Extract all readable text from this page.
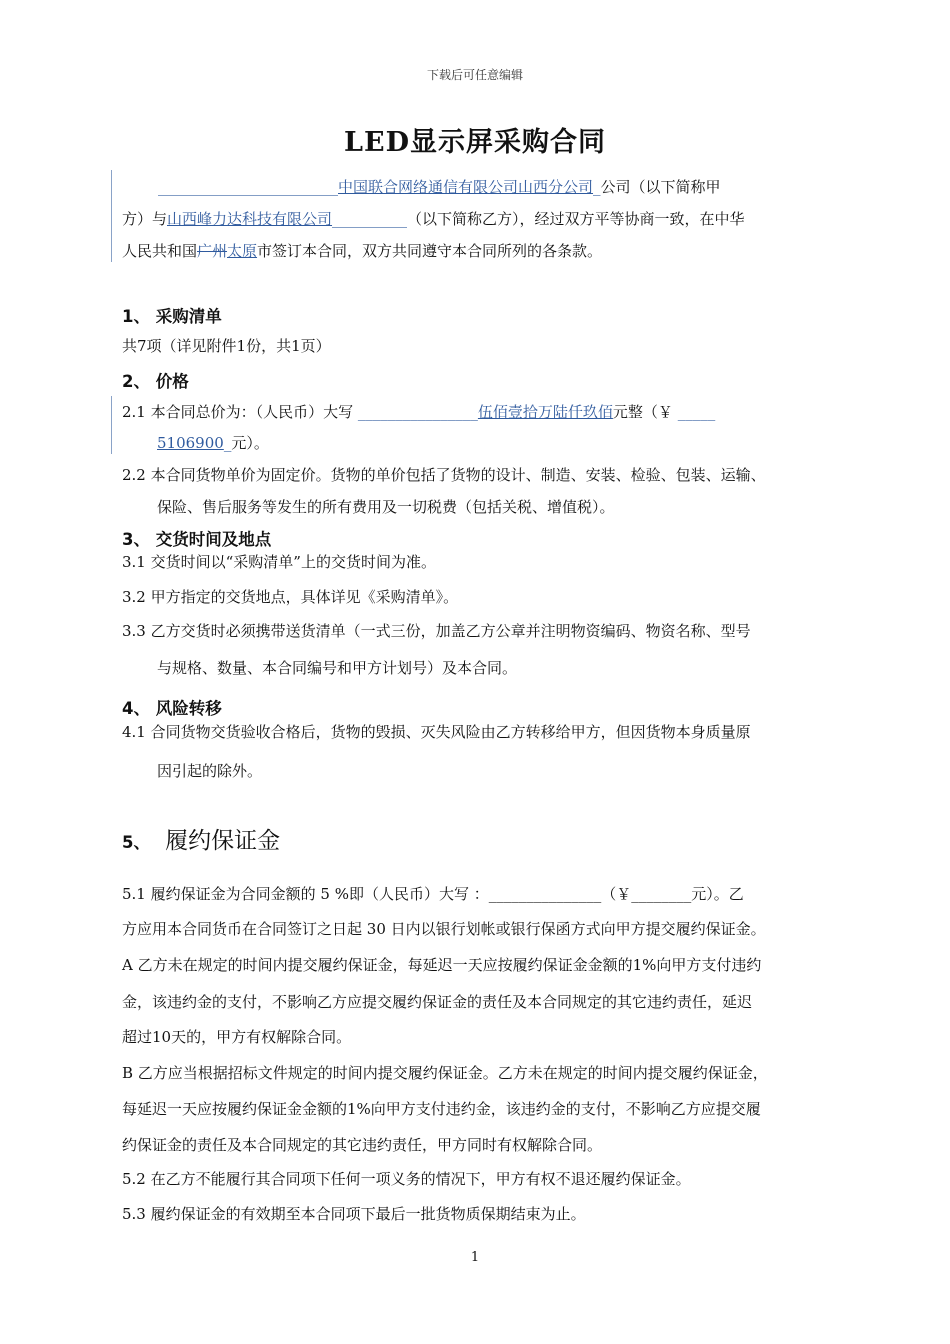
下载后可任意编辑
LED显示屏采购合同
________________________中国联合网络通信有限公司山西分公司_公司（以下简称甲
方）与山西峰力达科技有限公司__________（以下简称乙方），经过双方平等协商一致，在中华
人民共和国广州太原市签订本合同，双方共同遵守本合同所列的各条款。
1、 采购清单
共7项（详见附件1份，共1页）
2、 价格
2.1 本合同总价为：（人民币）大写 ________________伍佰壹拾万陆仟玖佰元整（￥ _____
5106900_元）。
2.2 本合同货物单价为固定价。货物的单价包括了货物的设计、制造、安装、检验、包装、运输、
保险、售后服务等发生的所有费用及一切税费（包括关税、增值税）。
3、 交货时间及地点
3.1 交货时间以“采购清单”上的交货时间为准。
3.2 甲方指定的交货地点，具体详见《采购清单》。
3.3 乙方交货时必须携带送货清单（一式三份，加盖乙方公章并注明物资编码、物资名称、型号
与规格、数量、本合同编号和甲方计划号）及本合同。
4、 风险转移
4.1 合同货物交货验收合格后，货物的毁损、灭失风险由乙方转移给甲方，但因货物本身质量原
因引起的除外。
5、 履约保证金
5.1 履约保证金为合同金额的 5 %即（人民币）大写 ：_______________（￥________元）。乙
方应用本合同货币在合同签订之日起 30 日内以银行划帐或银行保函方式向甲方提交履约保证金。
A 乙方未在规定的时间内提交履约保证金，每延迟一天应按履约保证金金额的1%向甲方支付违约
金，该违约金的支付，不影响乙方应提交履约保证金的责任及本合同规定的其它违约责任，延迟
超过10天的，甲方有权解除合同。
B 乙方应当根据招标文件规定的时间内提交履约保证金。乙方未在规定的时间内提交履约保证金，
每延迟一天应按履约保证金金额的1%向甲方支付违约金，该违约金的支付，不影响乙方应提交履
约保证金的责任及本合同规定的其它违约责任，甲方同时有权解除合同。
5.2 在乙方不能履行其合同项下任何一项义务的情况下，甲方有权不退还履约保证金。
5.3 履约保证金的有效期至本合同项下最后一批货物质保期结束为止。
1
